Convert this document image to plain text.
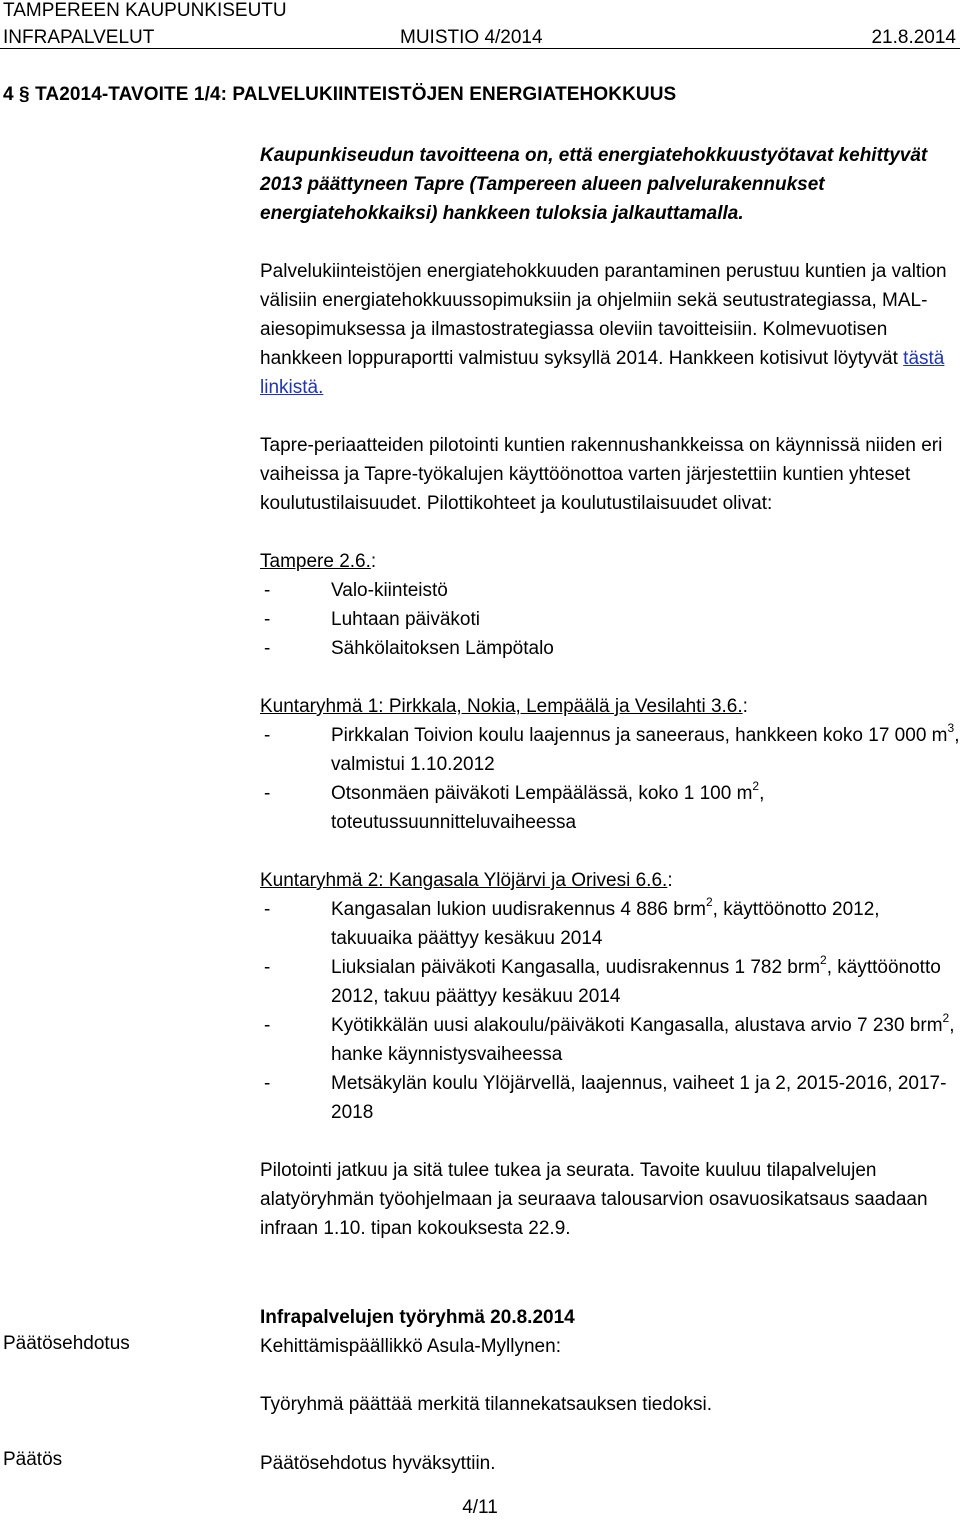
TAMPEREEN KAUPUNKISEUTU
INFRAPALVELUT	MUISTIO 4/2014	21.8.2014
4 § TA2014-TAVOITE 1/4: PALVELUKIINTEISTÖJEN ENERGIATEHOKKUUS
Kaupunkiseudun tavoitteena on, että energiatehokkuustyötavat kehittyvät 2013 päättyneen Tapre (Tampereen alueen palvelurakennukset energiatehokkaiksi) hankkeen tuloksia jalkauttamalla.

Palvelukiinteistöjen energiatehokkuuden parantaminen perustuu kuntien ja valtion välisiin energiatehokkuussopimuksiin ja ohjelmiin sekä seutustrategiassa, MAL-aiesopimuksessa ja ilmastostrategiassa oleviin tavoitteisiin. Kolmevuotisen hankkeen loppuraportti valmistuu syksyllä 2014. Hankkeen kotisivut löytyvät tästä linkistä.

Tapre-periaatteiden pilotointi kuntien rakennushankkeissa on käynnissä niiden eri vaiheissa ja Tapre-työkalujen käyttöönottoa varten järjestettiin kuntien yhteset koulutustilaisuudet. Pilottikohteet ja koulutustilaisuudet olivat:

Tampere 2.6.:
-	Valo-kiinteistö
-	Luhtaan päiväkoti
-	Sähkölaitoksen Lämpötalo
Kuntaryhmä 1: Pirkkala, Nokia, Lempäälä ja Vesilahti 3.6.:
-	Pirkkalan Toivion koulu laajennus ja saneeraus, hankkeen koko 17 000 $m^3$, valmistui 1.10.2012
-	Otsonmäen päiväkoti Lempäälässä, koko 1 100 $m^2$, toteutussuunnitteluvaiheessa
Kuntaryhmä 2: Kangasala Ylöjärvi ja Orivesi 6.6.:
-	Kangasalan lukion uudisrakennus 4 886 brm$^2$, käyttöönotto 2012, takuuaika päättyy kesäkuu 2014
-	Liuksialan päiväkoti Kangasalla, uudisrakennus 1 782 brm$^2$, käyttöönotto 2012, takuu päättyy kesäkuu 2014
-	Kyötikkälän uusi alakoulu/päiväkoti Kangasalla, alustava arvio 7 230 brm$^2$, hanke käynnistysvaiheessa
-	Metsäkylän koulu Ylöjärvellä, laajennus, vaiheet 1 ja 2, 2015-2016, 2017-2018

Pilotointi jatkuu ja sitä tulee tukea ja seurata. Tavoite kuuluu tilapalvelujen alatyöryhmän työohjelmaan ja seuraava talousarvion osavuosikatsaus saadaan infraan 1.10. tipan kokouksesta 22.9.

Päätösehdotus
Infrapalvelujen työryhmä 20.8.2014
Kehittämispäällikkö Asula-Myllynen:
Työryhmä päättää merkitä tilannekatsauksen tiedoksi.
Päätös	Päätösehdotus hyväksyttiin.
4/11
